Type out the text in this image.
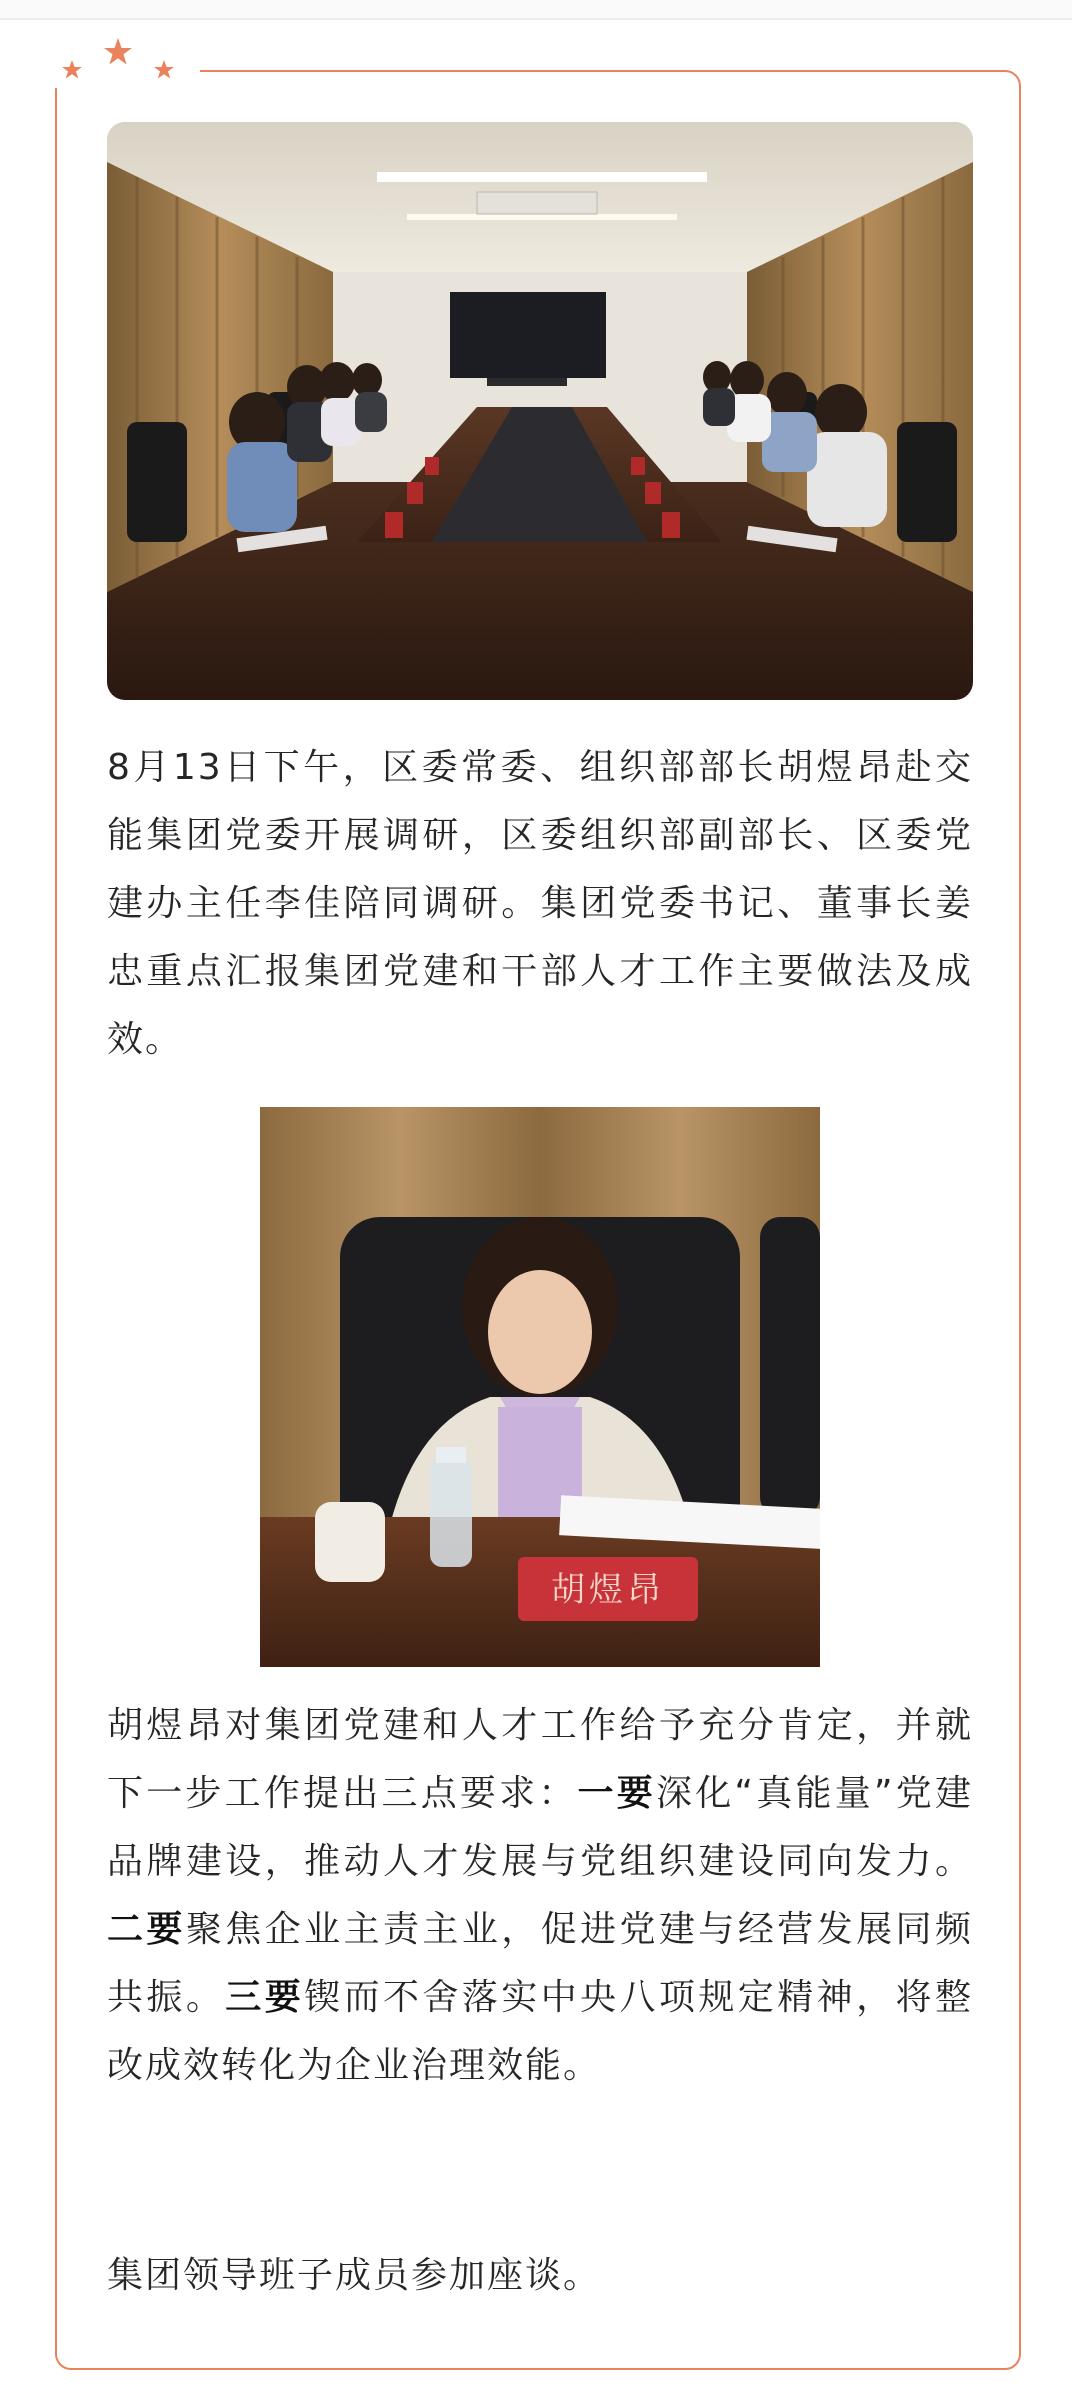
8月13日下午，区委常委、组织部部长胡煜昂赴交能集团党委开展调研，区委组织部副部长、区委党建办主任李佳陪同调研。集团党委书记、董事长姜忠重点汇报集团党建和干部人才工作主要做法及成效。

胡煜昂

胡煜昂对集团党建和人才工作给予充分肯定，并就下一步工作提出三点要求：一要深化“真能量”党建品牌建设，推动人才发展与党组织建设同向发力。二要聚焦企业主责主业，促进党建与经营发展同频共振。三要锲而不舍落实中央八项规定精神，将整改成效转化为企业治理效能。

集团领导班子成员参加座谈。
